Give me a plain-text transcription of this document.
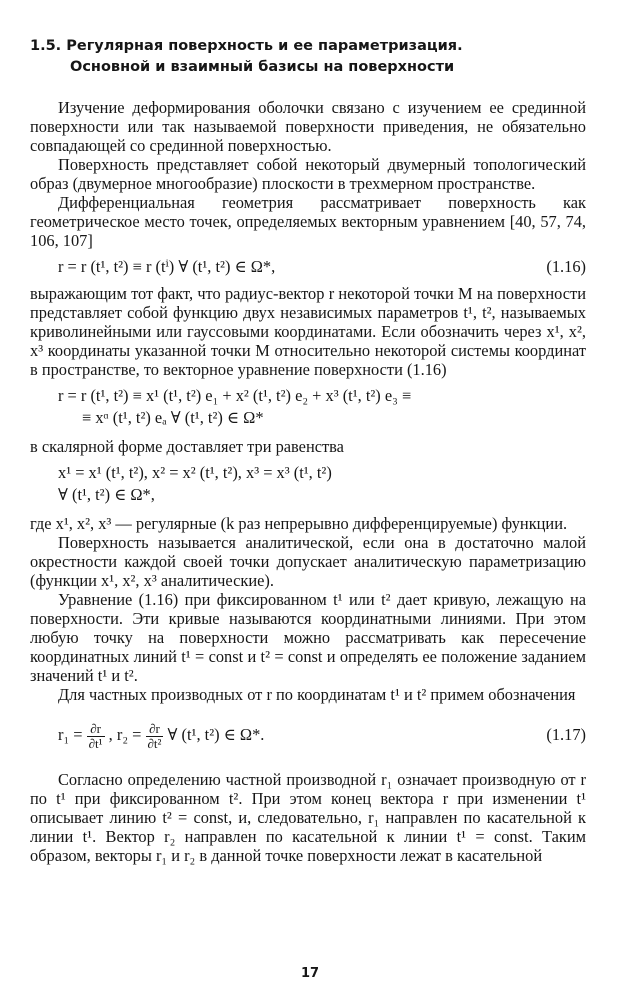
1.5. Регулярная поверхность и ее параметризация.
Основной и взаимный базисы на поверхности

Изучение деформирования оболочки связано с изучением ее срединной поверхности или так называемой поверхности приведения, не обязательно совпадающей со срединной поверхностью.

Поверхность представляет собой некоторый двумерный топологический образ (двумерное многообразие) плоскости в трехмерном пространстве.

Дифференциальная геометрия рассматривает поверхность как геометрическое место точек, определяемых векторным уравнением [40, 57, 74, 106, 107]

r = r (t¹, t²) ≡ r (tⁱ) ∀ (t¹, t²) ∈ Ω*,	(1.16)

выражающим тот факт, что радиус-вектор r некоторой точки M на поверхности представляет собой функцию двух независимых параметров t¹, t², называемых криволинейными или гауссовыми координатами. Если обозначить через x¹, x², x³ координаты указанной точки M относительно некоторой системы координат в пространстве, то векторное уравнение поверхности (1.16)

r = r (t¹, t²) ≡ x¹ (t¹, t²) e₁ + x² (t¹, t²) e₂ + x³ (t¹, t²) e₃ ≡
≡ xᵅ (t¹, t²) eₐ ∀ (t¹, t²) ∈ Ω*

в скалярной форме доставляет три равенства

x¹ = x¹ (t¹, t²), x² = x² (t¹, t²), x³ = x³ (t¹, t²)
∀ (t¹, t²) ∈ Ω*,

где x¹, x², x³ — регулярные (k раз непрерывно дифференцируемые) функции.

Поверхность называется аналитической, если она в достаточно малой окрестности каждой своей точки допускает аналитическую параметризацию (функции x¹, x², x³ аналитические).

Уравнение (1.16) при фиксированном t¹ или t² дает кривую, лежащую на поверхности. Эти кривые называются координатными линиями. При этом любую точку на поверхности можно рассматривать как пересечение координатных линий t¹ = const и t² = const и определять ее положение заданием значений t¹ и t².

Для частных производных от r по координатам t¹ и t² примем обозначения

$r_1 = \frac{\partial r}{\text{∂t¹}}$ , $r_2 = \frac{\partial r}{\text{∂t²}}$ ∀ (t¹, t²) ∈ Ω*.	(1.17)

Согласно определению частной производной r₁ означает производную от r по t¹ при фиксированном t². При этом конец вектора r при изменении t¹ описывает линию t² = const, и, следовательно, r₁ направлен по касательной к линии t¹. Вектор r₂ направлен по касательной к линии t¹ = const. Таким образом, векторы r₁ и r₂ в данной точке поверхности лежат в касательной

17
